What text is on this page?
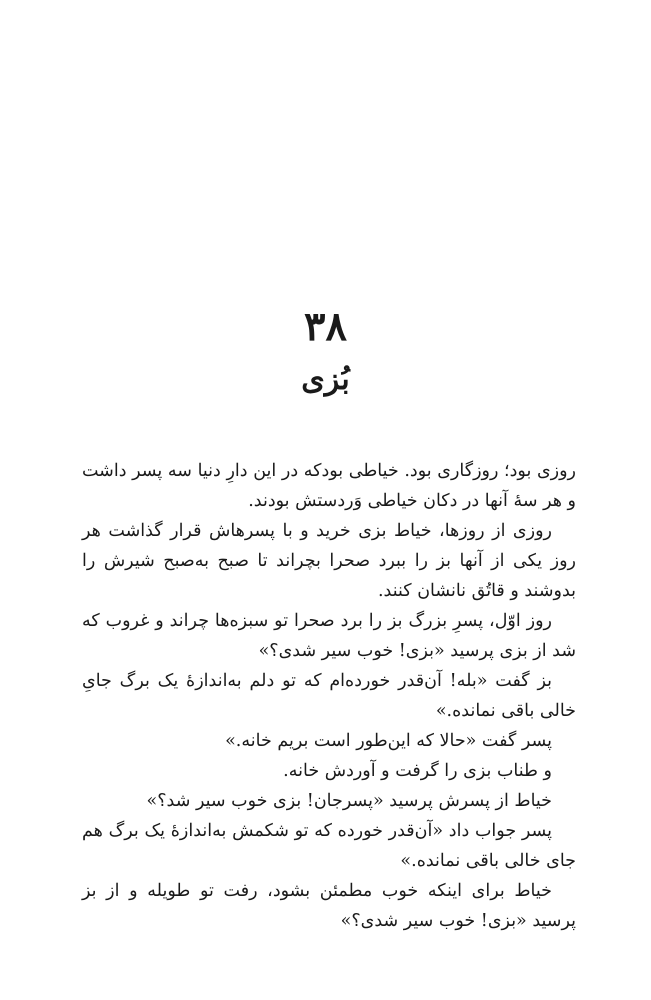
۳۸
بُزی

روزی بود؛ روزگاری بود. خیاطی بودکه در این دارِ دنیا سه پسر داشت و هر سهٔ آنها در دکان خیاطی وَردستش بودند.

روزی از روزها، خیاط بزی خرید و با پسرهاش قرار گذاشت هر روز یکی از آنها بز را ببرد صحرا بچراند تا صبح به‌صبح شیرش را بدوشند و قاتُق نانشان کنند.

روز اوّل، پسرِ بزرگ بز را برد صحرا تو سبزه‌ها چراند و غروب که شد از بزی پرسید «بزی! خوب سیر شدی؟»

بز گفت «بله! آن‌قدر خورده‌ام که تو دلم به‌اندازهٔ یک برگ جایِ خالی باقی نمانده.»

پسر گفت «حالا که این‌طور است بریم خانه.»

و طناب بزی را گرفت و آوردش خانه.

خیاط از پسرش پرسید «پسرجان! بزی خوب سیر شد؟»

پسر جواب داد «آن‌قدر خورده که تو شکمش به‌اندازهٔ یک برگ هم جای خالی باقی نمانده.»

خیاط برای اینکه خوب مطمئن بشود، رفت تو طویله و از بز پرسید «بزی! خوب سیر شدی؟»
